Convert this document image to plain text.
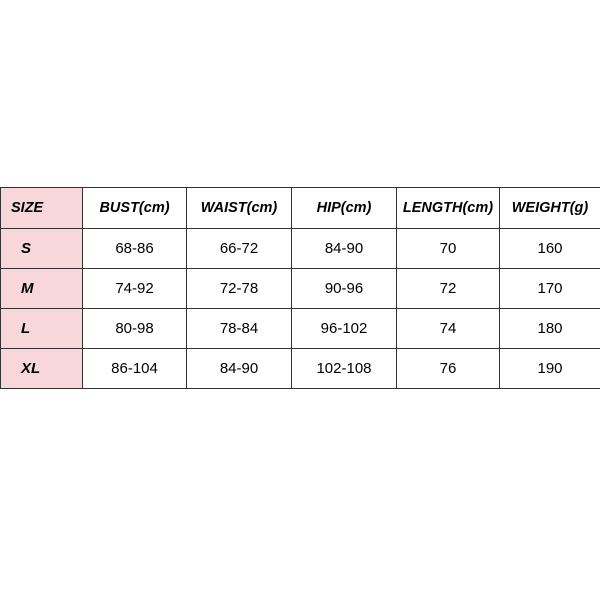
SIZE	BUST(cm)	WAIST(cm)	HIP(cm)	LENGTH(cm)	WEIGHT(g)
S	68-86	66-72	84-90	70	160
M	74-92	72-78	90-96	72	170
L	80-98	78-84	96-102	74	180
XL	86-104	84-90	102-108	76	190
